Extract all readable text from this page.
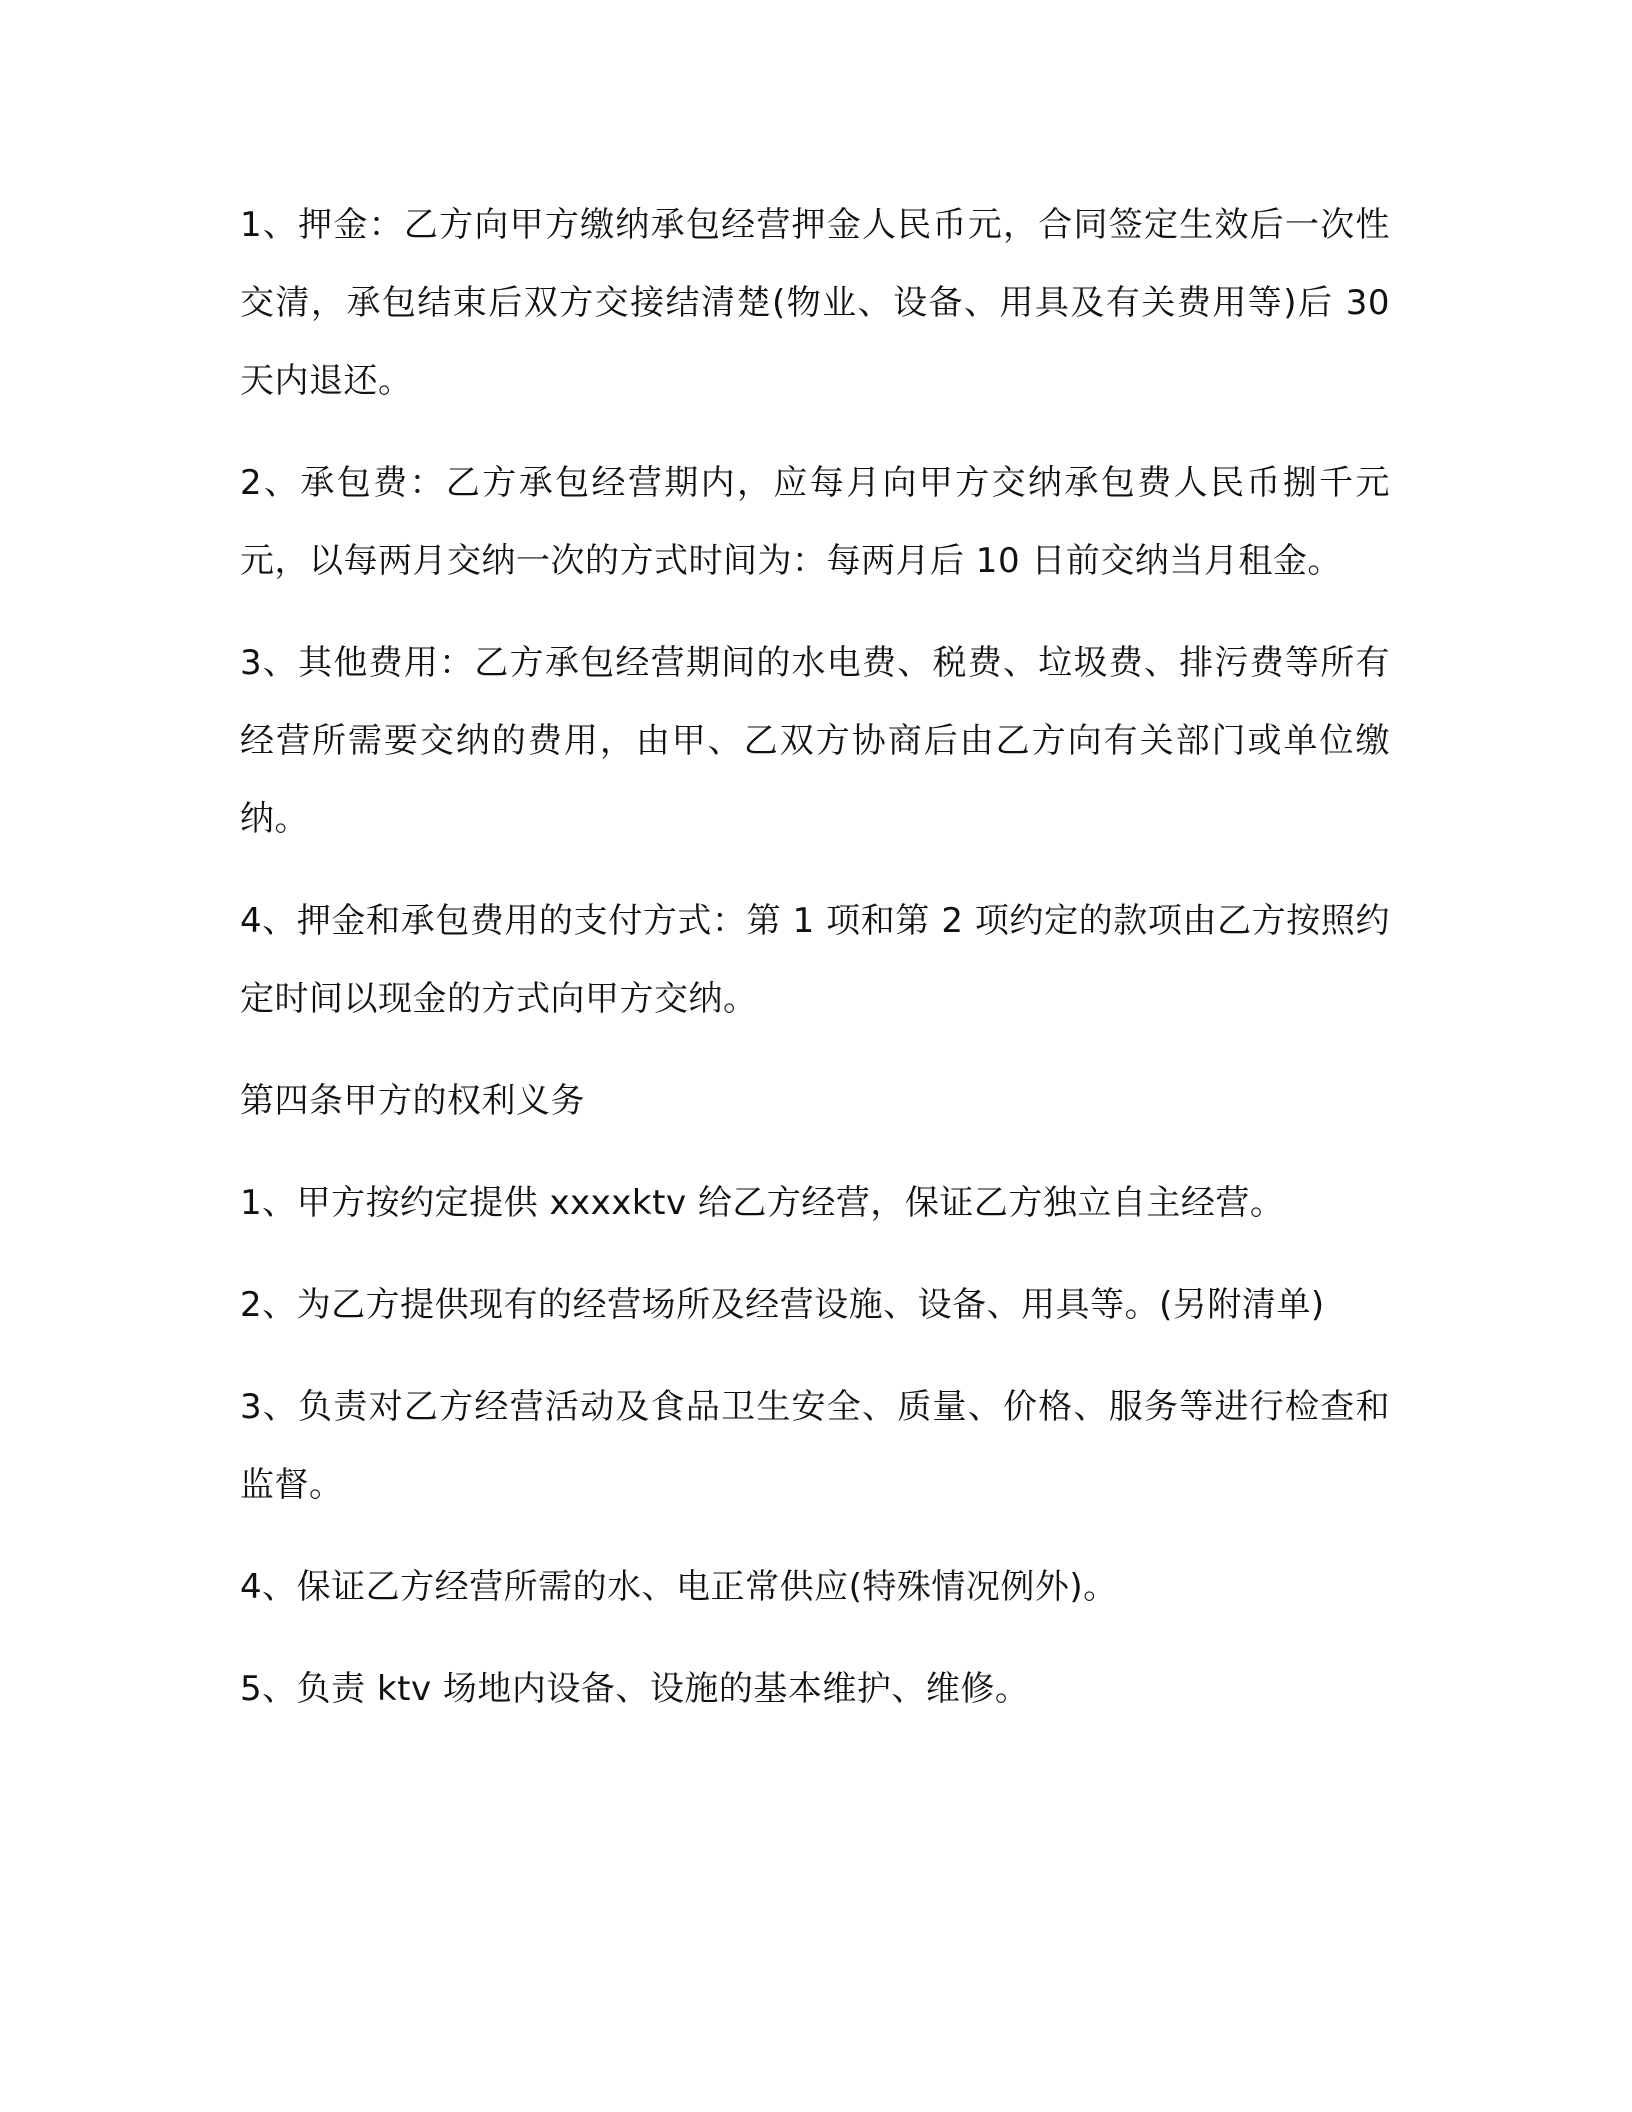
1、押金：乙方向甲方缴纳承包经营押金人民币元，合同签定生效后一次性交清，承包结束后双方交接结清楚(物业、设备、用具及有关费用等)后 30 天内退还。

2、承包费：乙方承包经营期内，应每月向甲方交纳承包费人民币捌千元元，以每两月交纳一次的方式时间为：每两月后 10 日前交纳当月租金。

3、其他费用：乙方承包经营期间的水电费、税费、垃圾费、排污费等所有经营所需要交纳的费用，由甲、乙双方协商后由乙方向有关部门或单位缴纳。

4、押金和承包费用的支付方式：第 1 项和第 2 项约定的款项由乙方按照约定时间以现金的方式向甲方交纳。

第四条甲方的权利义务

1、甲方按约定提供 xxxxktv 给乙方经营，保证乙方独立自主经营。

2、为乙方提供现有的经营场所及经营设施、设备、用具等。(另附清单)

3、负责对乙方经营活动及食品卫生安全、质量、价格、服务等进行检查和监督。

4、保证乙方经营所需的水、电正常供应(特殊情况例外)。

5、负责 ktv 场地内设备、设施的基本维护、维修。
